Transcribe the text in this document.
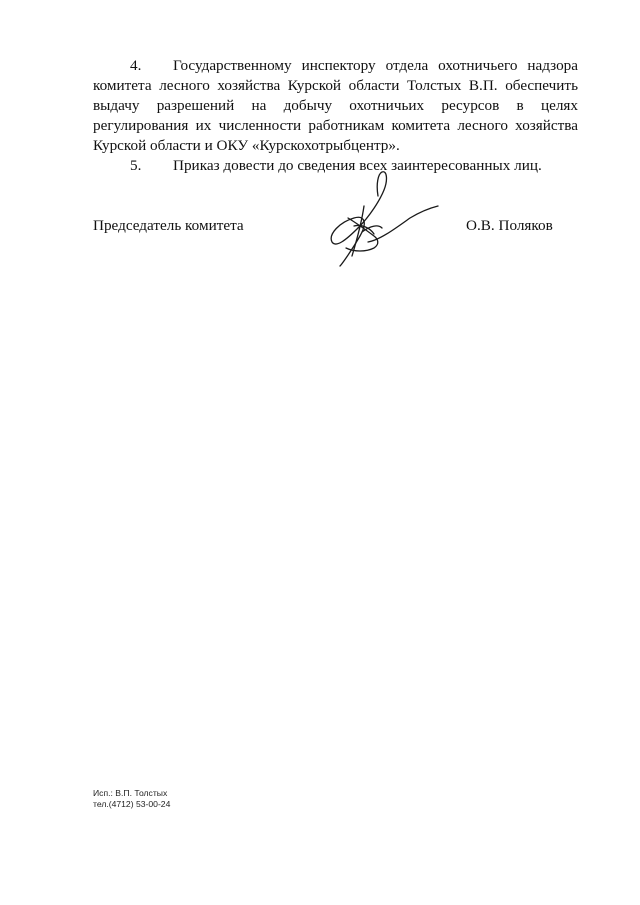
4. Государственному инспектору отдела охотничьего надзора комитета лесного хозяйства Курской области Толстых В.П. обеспечить выдачу разрешений на добычу охотничьих ресурсов в целях регулирования их численности работникам комитета лесного хозяйства Курской области и ОКУ «Курскохотрыбцентр».

5. Приказ довести до сведения всех заинтересованных лиц.

Председатель комитета	О.В. Поляков
Исп.: В.П. Толстых
тел.(4712) 53-00-24
